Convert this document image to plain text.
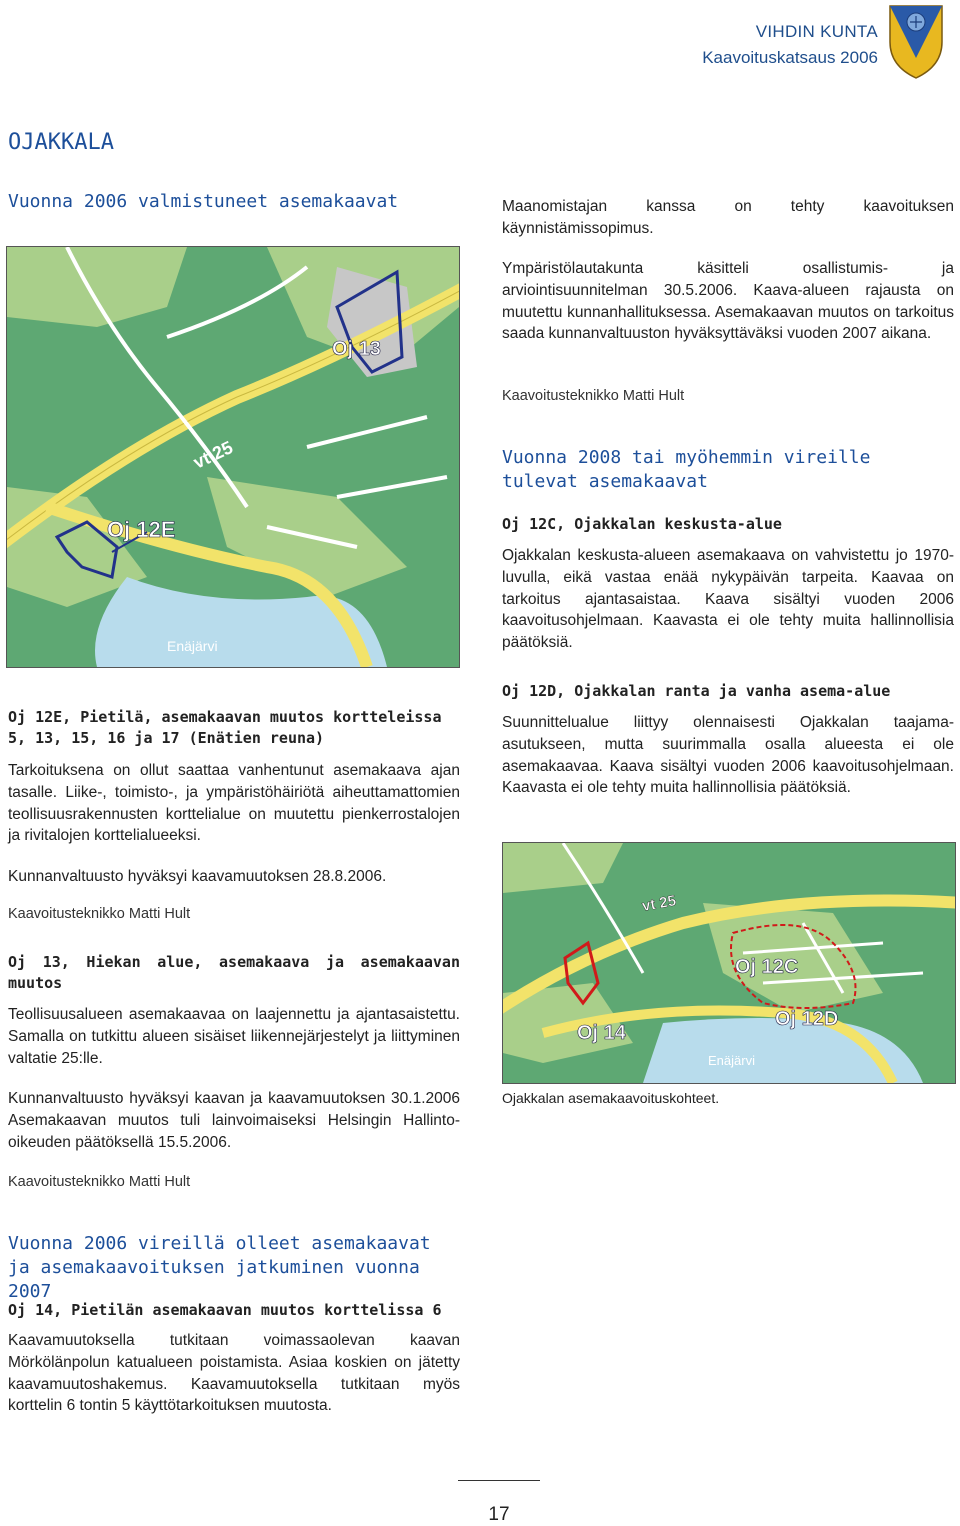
VIHDIN KUNTA
Kaavoituskatsaus 2006
OJAKKALA
Vuonna 2006 valmistuneet asemakaavat
Oj 13
vt 25
Oj 12E
Enäjärvi
Maanomistajan kanssa on tehty kaavoituksen käynnistämissopimus.
Ympäristölautakunta käsitteli osallistumis- ja arviointisuunnitelman 30.5.2006. Kaava-alueen rajausta on muutettu kunnanhallituksessa. Asemakaavan muutos on tarkoitus saada kunnanvaltuuston hyväksyttäväksi vuoden 2007 aikana.
Kaavoitusteknikko Matti Hult
Vuonna 2008 tai myöhemmin vireille tulevat asemakaavat
Oj 12C, Ojakkalan keskusta-alue
Ojakkalan keskusta-alueen asemakaava on vahvistettu jo 1970-luvulla, eikä vastaa enää nykypäivän tarpeita. Kaavaa on tarkoitus ajantasaistaa. Kaava sisältyi vuoden 2006 kaavoitusohjelmaan. Kaavasta ei ole tehty muita hallinnollisia päätöksiä.
Oj 12D, Ojakkalan ranta ja vanha asema-alue
Suunnittelualue liittyy olennaisesti Ojakkalan taajama-asutukseen, mutta suurimmalla osalla alueesta ei ole asemakaavaa. Kaava sisältyi vuoden 2006 kaavoitusohjelmaan. Kaavasta ei ole tehty muita hallinnollisia päätöksiä.
Oj 12E, Pietilä, asemakaavan muutos kortteleissa 5, 13, 15, 16 ja 17 (Enätien reuna)
Tarkoituksena on ollut saattaa vanhentunut asemakaava ajan tasalle. Liike-, toimisto-, ja ympäristöhäiriötä aiheuttamattomien teollisuusrakennusten korttelialue on muutettu pienkerrostalojen ja rivitalojen korttelialueeksi.
Kunnanvaltuusto hyväksyi kaavamuutoksen 28.8.2006.
Kaavoitusteknikko Matti Hult
Oj 13, Hiekan alue, asemakaava ja asemakaavan muutos
Teollisuusalueen asemakaavaa on laajennettu ja ajantasaistettu. Samalla on tutkittu alueen sisäiset liikennejärjestelyt ja liittyminen valtatie 25:lle.
Kunnanvaltuusto hyväksyi kaavan ja kaavamuutoksen 30.1.2006 Asemakaavan muutos tuli lainvoimaiseksi Helsingin Hallinto-oikeuden päätöksellä 15.5.2006.
Kaavoitusteknikko Matti Hult
vt 25
Oj 12C
Oj 14
Oj 12D
Enäjärvi
Ojakkalan asemakaavoituskohteet.
Vuonna 2006 vireillä olleet asemakaavat ja asemakaavoituksen jatkuminen vuonna 2007
Oj 14, Pietilän asemakaavan muutos korttelissa 6
Kaavamuutoksella tutkitaan voimassaolevan kaavan Mörkölänpolun katualueen poistamista. Asiaa koskien on jätetty kaavamuutoshakemus. Kaavamuutoksella tutkitaan myös korttelin 6 tontin 5 käyttötarkoituksen muutosta.
17
